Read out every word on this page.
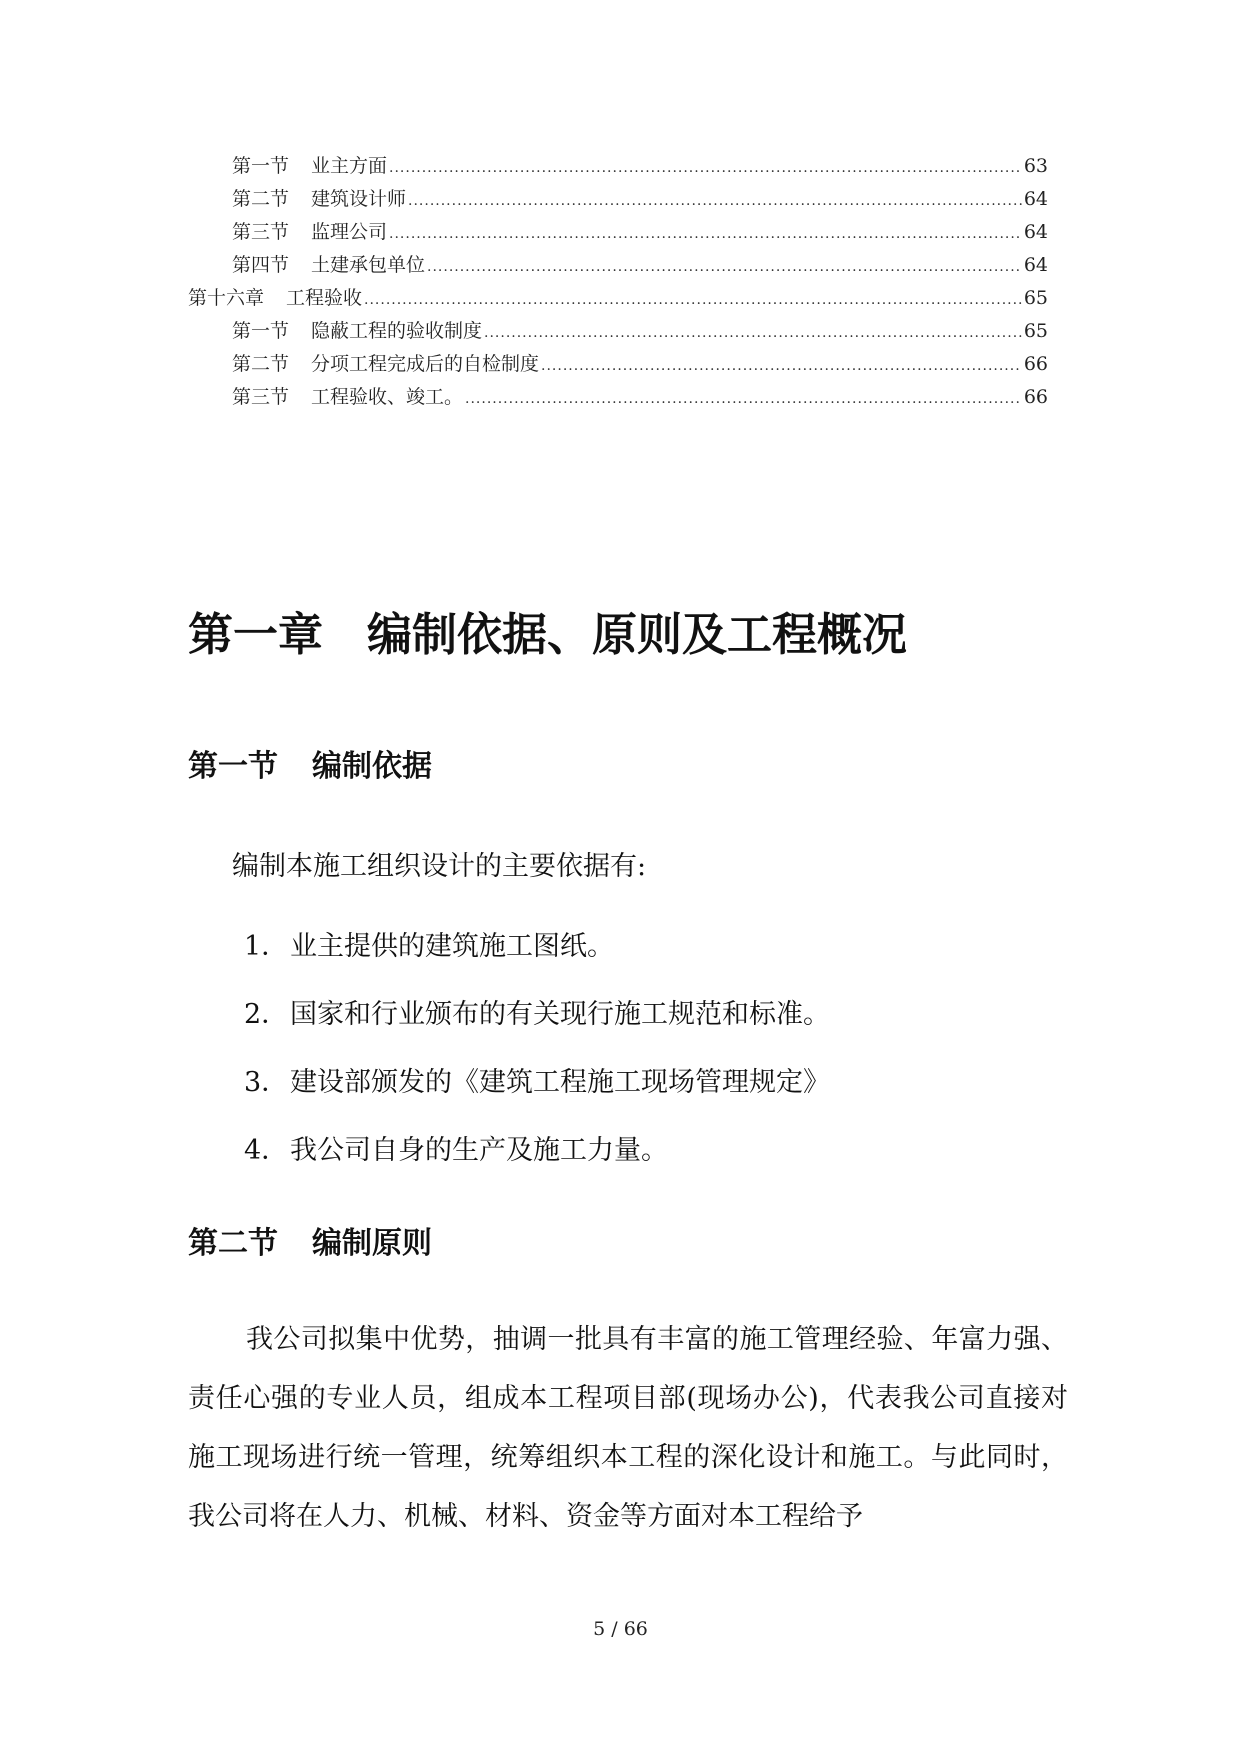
第一节 业主方面 .....	63
第二节 建筑设计师 .....	64
第三节 监理公司 .....	64
第四节 土建承包单位 .....	64
第十六章 工程验收 .....	65
第一节 隐蔽工程的验收制度 .....	65
第二节 分项工程完成后的自检制度 .....	66
第三节 工程验收、竣工。 .....	66
第一章 编制依据、原则及工程概况
第一节 编制依据

编制本施工组织设计的主要依据有:

1．业主提供的建筑施工图纸。
2．国家和行业颁布的有关现行施工规范和标准。
3．建设部颁发的《建筑工程施工现场管理规定》
4．我公司自身的生产及施工力量。
第二节 编制原则

我公司拟集中优势，抽调一批具有丰富的施工管理经验、年富力强、责任心强的专业人员，组成本工程项目部(现场办公)，代表我公司直接对施工现场进行统一管理，统筹组织本工程的深化设计和施工。与此同时，我公司将在人力、机械、材料、资金等方面对本工程给予

5 / 66
